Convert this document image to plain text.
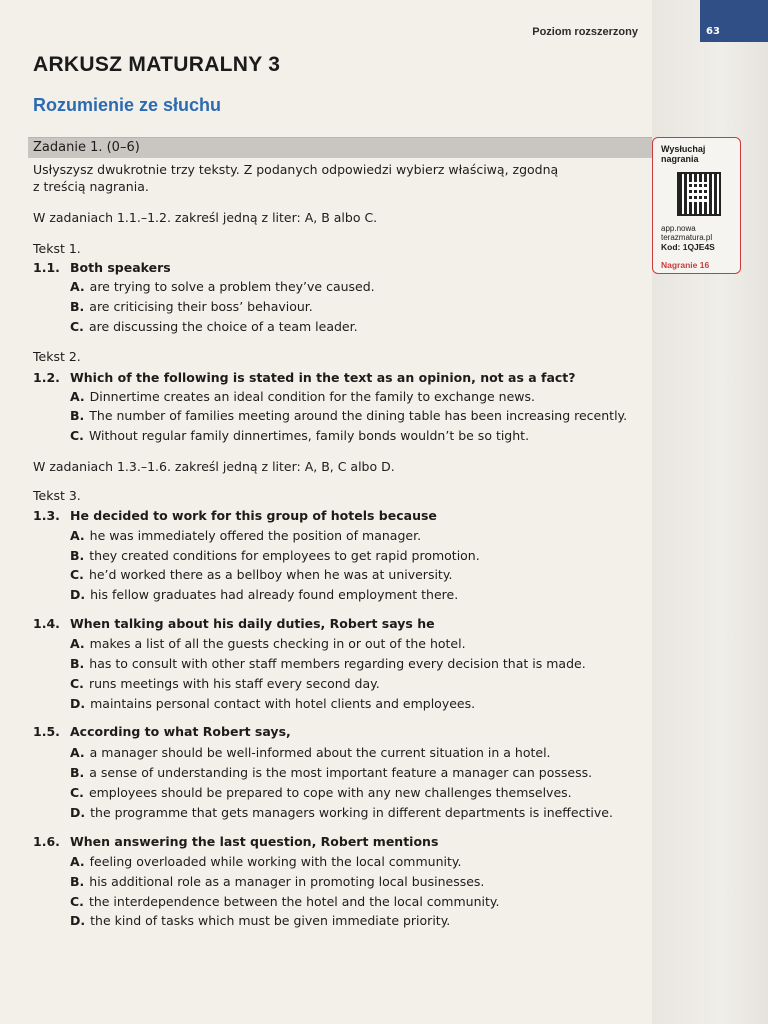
63
Poziom rozszerzony
ARKUSZ MATURALNY 3
Rozumienie ze słuchu
Zadanie 1. (0–6)
Usłyszysz dwukrotnie trzy teksty. Z podanych odpowiedzi wybierz właściwą, zgodną
z treścią nagrania.
W zadaniach 1.1.–1.2. zakreśl jedną z liter: A, B albo C.
Tekst 1.
1.1. Both speakers
A. are trying to solve a problem they’ve caused.
B. are criticising their boss’ behaviour.
C. are discussing the choice of a team leader.
Tekst 2.
1.2. Which of the following is stated in the text as an opinion, not as a fact?
A. Dinnertime creates an ideal condition for the family to exchange news.
B. The number of families meeting around the dining table has been increasing recently.
C. Without regular family dinnertimes, family bonds wouldn’t be so tight.
W zadaniach 1.3.–1.6. zakreśl jedną z liter: A, B, C albo D.
Tekst 3.
1.3. He decided to work for this group of hotels because
A. he was immediately offered the position of manager.
B. they created conditions for employees to get rapid promotion.
C. he’d worked there as a bellboy when he was at university.
D. his fellow graduates had already found employment there.
1.4. When talking about his daily duties, Robert says he
A. makes a list of all the guests checking in or out of the hotel.
B. has to consult with other staff members regarding every decision that is made.
C. runs meetings with his staff every second day.
D. maintains personal contact with hotel clients and employees.
1.5. According to what Robert says,
A. a manager should be well-informed about the current situation in a hotel.
B. a sense of understanding is the most important feature a manager can possess.
C. employees should be prepared to cope with any new challenges themselves.
D. the programme that gets managers working in different departments is ineffective.
1.6. When answering the last question, Robert mentions
A. feeling overloaded while working with the local community.
B. his additional role as a manager in promoting local businesses.
C. the interdependence between the hotel and the local community.
D. the kind of tasks which must be given immediate priority.
Wysłuchaj
nagrania
app.nowa
terazmatura.pl
Kod: 1QJE4S
Nagranie 16
